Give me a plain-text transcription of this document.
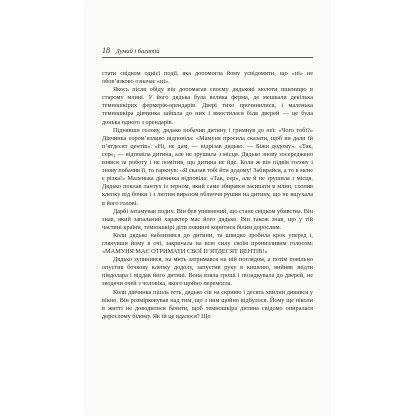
18 Думай і багатій

стати свідком однієї події, яка допомогла йому усвідомити, що «ні» не обов’язково означає «ні».

Якось після обіду він допомагав своєму дядькові молоти пшеницю в старому млині. У його дядька була велика ферма, де мешкали декілька темношкірих фермерів-орендарів. Двері тихо прочинилися, і маленька темношкіра дівчинка зайшла до них і вмостилася біля дверей — це була донька одного з орендарів.

Піднявши голову, дядько побачив дитину і гримнув до неї: «Чого тобі?» Дівчинка сором’язливо відповіла: «Мамуня просила сказати, щоб ви дали їй п’ятдесят центів». «Ні, не дам, — відрізав дядько. — Біжи додому». «Так, сер», — відповіла дитина, але не зрушила з місця. Дядько знову зосереджено взявся за роботу і не помітив, що дитина не йде. Коли ж він підвів голову і знову побачив її, то гаркнув: «Я сказав тобі йти додому! Забирайся, а то в мене є різка!» Маленька дівчинка відповіла: «Так, сер», але й не зрушила з місця. Дядько поклав лантух із зерном, який саме збирався засипати в млин, схопив клепку від бочки і з лютим виразом обличчя рушив на дитину, що не вщухала в його голові.

Дарбі затамував подих. Він був упевнений, що стане свідком убивства. Він знав, який запальний характер має його дядько. Він також знав, що у тій частині країни, темношкірі діти повинні коритися білим дорослим.

Коли дядько наблизився до дитини, та швидко зробила крок уперед і, глянувши йому в очі, закричала на всю силу своїм пронизливим голосом: «МАМУНЯ МАЄ ОТРИМАТИ СВОЇ П’ЯТДЕСЯТ ЦЕНТІВ!»

Дядько зупинився, на мить затримався на ній поглядом, а потім повільно опустив бочкову клепку додолу, запустив руку в кишеню, вийняв звідти півдолара і віддав його дитині. Вона взяла гроші і позадкувала до дверей, не зводячи очей з чоловіка, якого щойно перемогла.

Коли дівчинка пішла геть, дядько сів на скриню і десять хвилин дивився у вікно. Він розмірковував над тим, що з ним щойно відбулося. Йому ще ніколи в житті не доводилося бачити, щоб темношкіра дитина свідомо опиралася дорослому білому. Як їй це вдалося? Що
